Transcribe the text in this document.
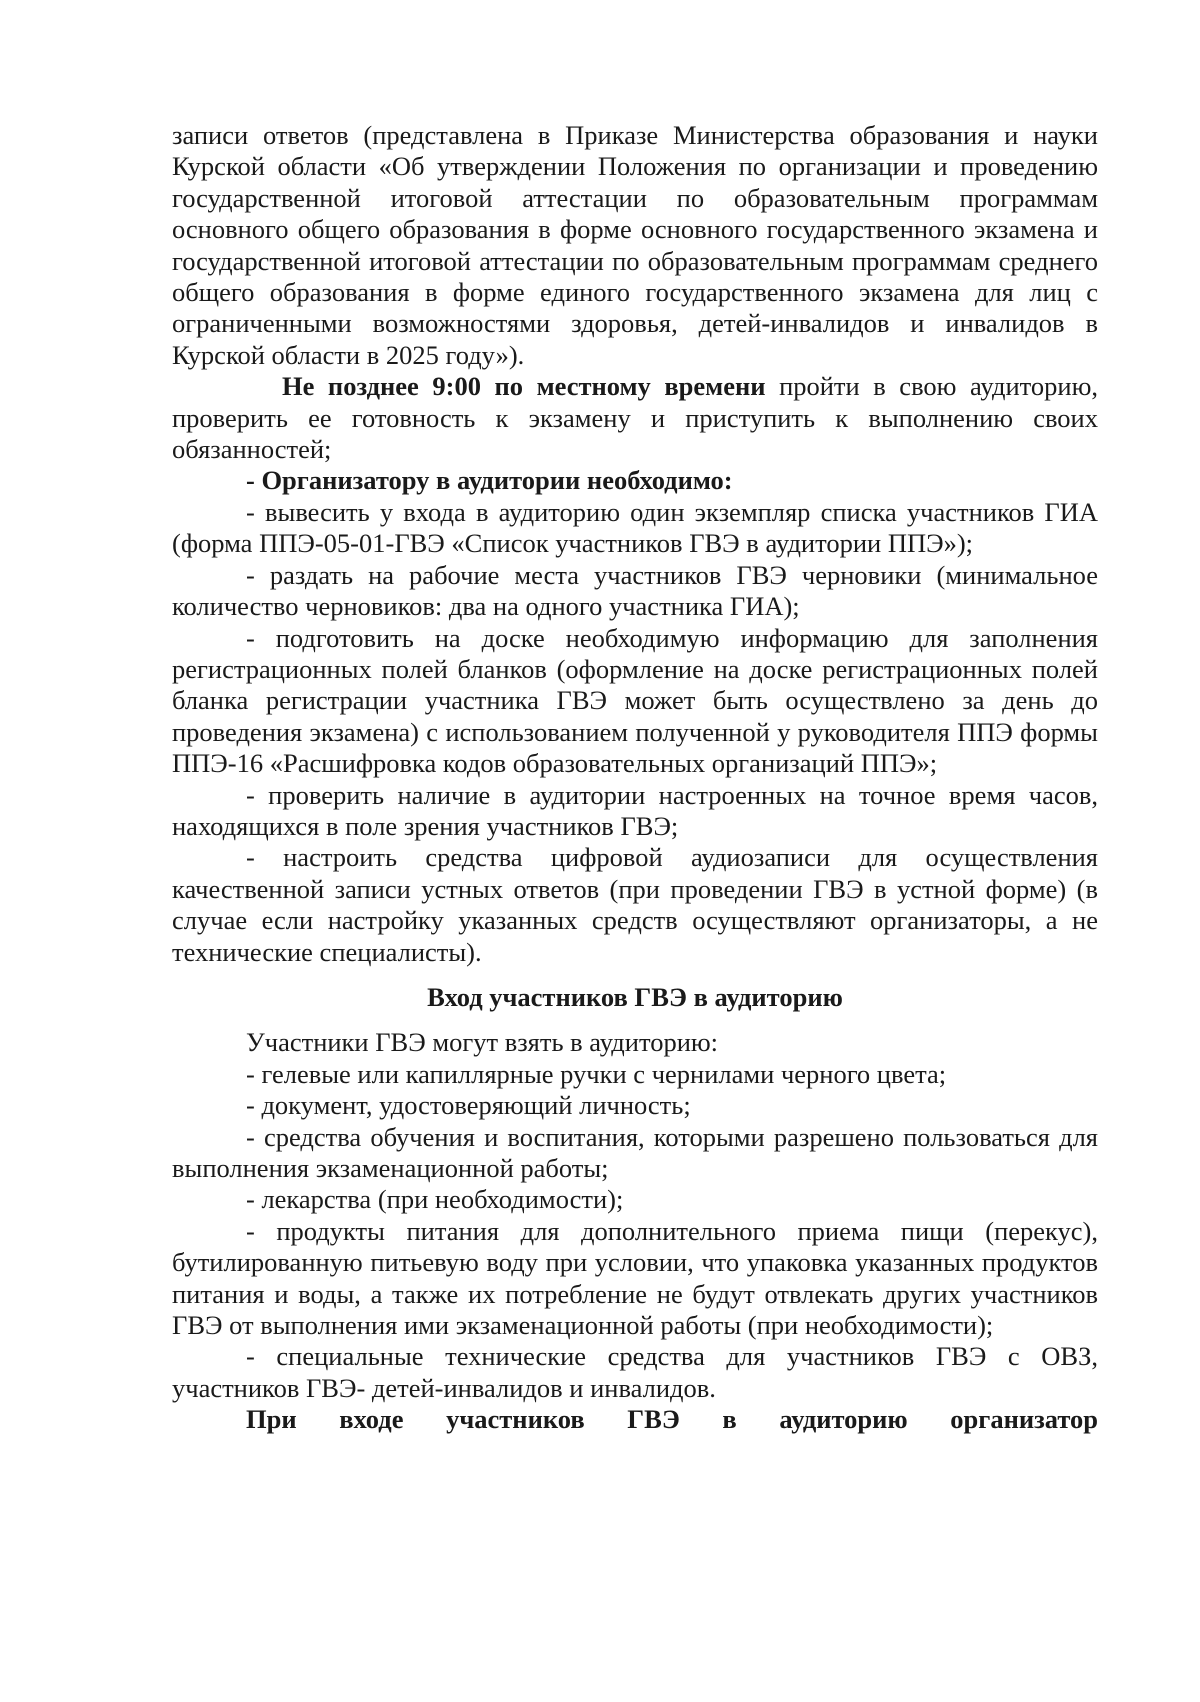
записи ответов (представлена в Приказе Министерства образования и науки Курской области «Об утверждении Положения по организации и проведению государственной итоговой аттестации по образовательным программам основного общего образования в форме основного государственного экзамена и государственной итоговой аттестации по образовательным программам среднего общего образования в форме единого государственного экзамена для лиц с ограниченными возможностями здоровья, детей-инвалидов и инвалидов в Курской области в 2025 году»).

Не позднее 9:00 по местному времени пройти в свою аудиторию, проверить ее готовность к экзамену и приступить к выполнению своих обязанностей;

- Организатору в аудитории необходимо:

- вывесить у входа в аудиторию один экземпляр списка участников ГИА (форма ППЭ-05-01-ГВЭ «Список участников ГВЭ в аудитории ППЭ»);

- раздать на рабочие места участников ГВЭ черновики (минимальное количество черновиков: два на одного участника ГИА);

- подготовить на доске необходимую информацию для заполнения регистрационных полей бланков (оформление на доске регистрационных полей бланка регистрации участника ГВЭ может быть осуществлено за день до проведения экзамена) с использованием полученной у руководителя ППЭ формы ППЭ-16 «Расшифровка кодов образовательных организаций ППЭ»;

- проверить наличие в аудитории настроенных на точное время часов, находящихся в поле зрения участников ГВЭ;

- настроить средства цифровой аудиозаписи для осуществления качественной записи устных ответов (при проведении ГВЭ в устной форме) (в случае если настройку указанных средств осуществляют организаторы, а не технические специалисты).

Вход участников ГВЭ в аудиторию

Участники ГВЭ могут взять в аудиторию:

- гелевые или капиллярные ручки с чернилами черного цвета;

- документ, удостоверяющий личность;

- средства обучения и воспитания, которыми разрешено пользоваться для выполнения экзаменационной работы;

- лекарства (при необходимости);

- продукты питания для дополнительного приема пищи (перекус), бутилированную питьевую воду при условии, что упаковка указанных продуктов питания и воды, а также их потребление не будут отвлекать других участников ГВЭ от выполнения ими экзаменационной работы (при необходимости);

- специальные технические средства для участников ГВЭ с ОВЗ, участников ГВЭ- детей-инвалидов и инвалидов.

При входе участников ГВЭ в аудиторию организатор
